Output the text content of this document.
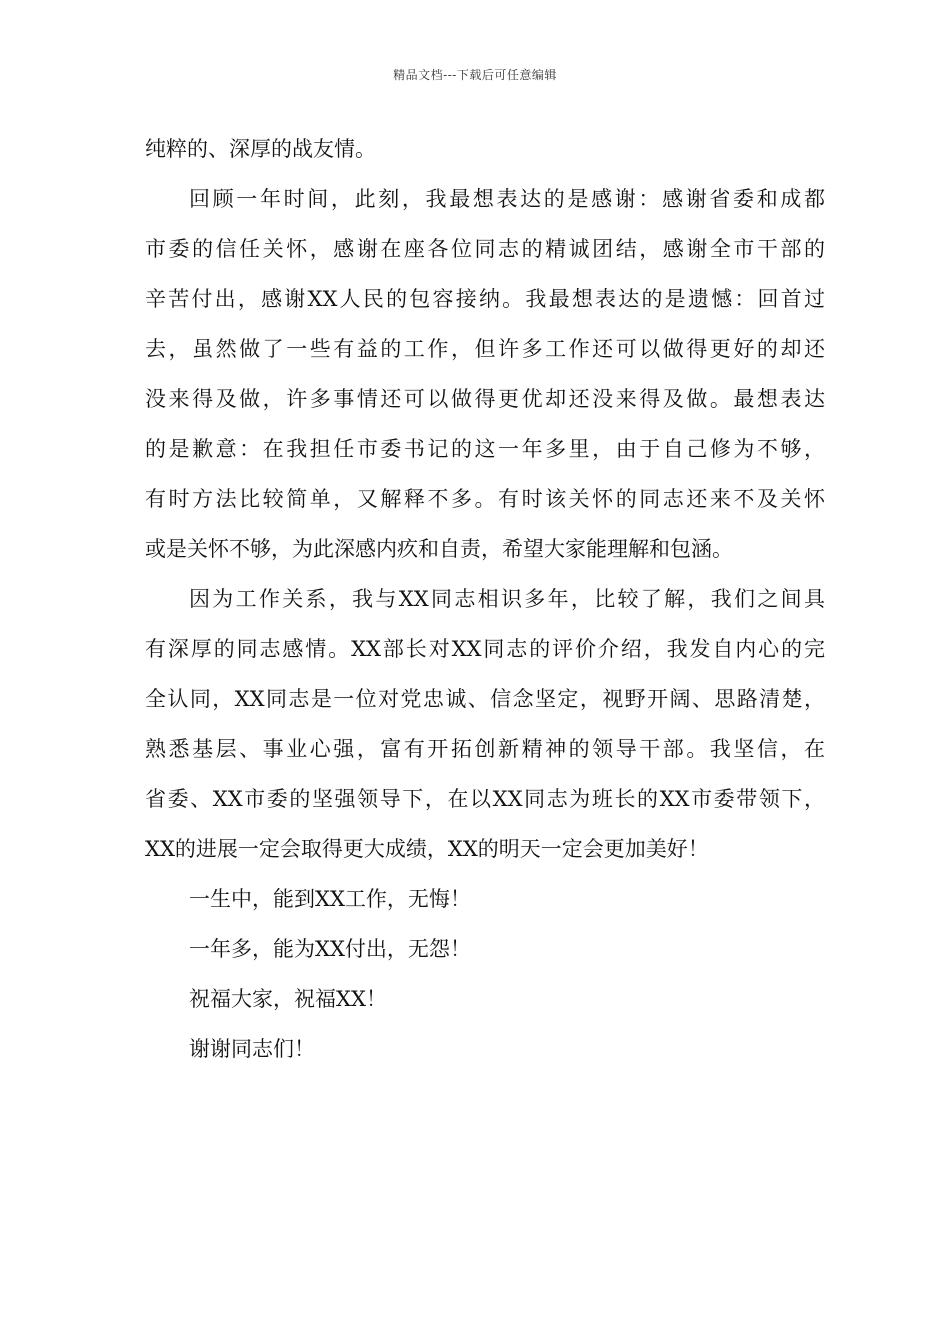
精品文档---下载后可任意编辑
纯粹的、深厚的战友情。
回顾一年时间，此刻，我最想表达的是感谢：感谢省委和成都
市委的信任关怀，感谢在座各位同志的精诚团结，感谢全市干部的
辛苦付出，感谢XX人民的包容接纳。我最想表达的是遗憾：回首过
去，虽然做了一些有益的工作，但许多工作还可以做得更好的却还
没来得及做，许多事情还可以做得更优却还没来得及做。最想表达
的是歉意：在我担任市委书记的这一年多里，由于自己修为不够，
有时方法比较简单，又解释不多。有时该关怀的同志还来不及关怀
或是关怀不够，为此深感内疚和自责，希望大家能理解和包涵。
因为工作关系，我与XX同志相识多年，比较了解，我们之间具
有深厚的同志感情。XX部长对XX同志的评价介绍，我发自内心的完
全认同，XX同志是一位对党忠诚、信念坚定，视野开阔、思路清楚，
熟悉基层、事业心强，富有开拓创新精神的领导干部。我坚信，在
省委、XX市委的坚强领导下，在以XX同志为班长的XX市委带领下，
XX的进展一定会取得更大成绩，XX的明天一定会更加美好！
一生中，能到XX工作，无悔！
一年多，能为XX付出，无怨！
祝福大家，祝福XX！
谢谢同志们！
